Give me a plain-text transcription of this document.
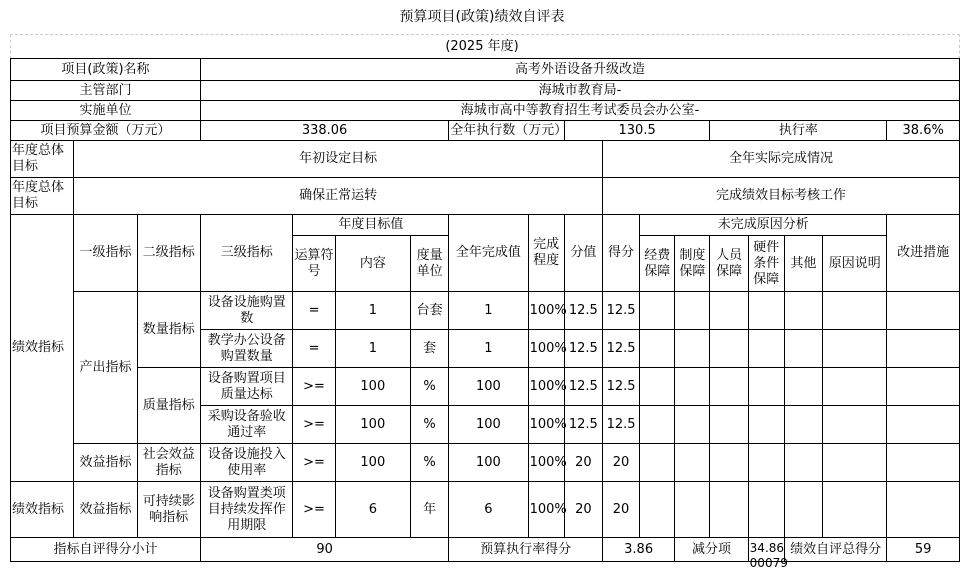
预算项目(政策)绩效自评表
(2025 年度)
项目(政策)名称			高考外语设备升级改造														
主管部门			海城市教育局-														
实施单位			海城市高中等教育招生考试委员会办公室-														
项目预算金额（万元）			338.06				全年执行数（万元）		130.5				执行率				38.6%
年度总体目标	年初设定目标									全年实际完成情况							
年度总体目标	确保正常运转									完成绩效目标考核工作							
绩效指标	一级指标	二级指标	三级指标	年度目标值			全年完成值	完成程度	分值	得分	未完成原因分析						改进措施
				运算符号	内容	度量单位					经费保障	制度保障	人员保障	硬件条件保障	其他	原因说明	

	产出指标	数量指标	设备设施购置数	=	1	台套	1	100%	12.5	12.5							
			教学办公设备购置数量	=	1	套	1	100%	12.5	12.5							
		质量指标	设备购置项目质量达标	>=	100	%	100	100%	12.5	12.5							
			采购设备验收通过率	>=	100	%	100	100%	12.5	12.5							
	效益指标	社会效益指标	设备设施投入使用率	>=	100	%	100	100%	20	20							
绩效指标	效益指标	可持续影响指标	设备购置类项目持续发挥作用期限	>=	6	年	6	100%	20	20							
指标自评得分小计			90				预算执行率得分			3.86		减分项		34.86 00079	绩效自评总得分		59
